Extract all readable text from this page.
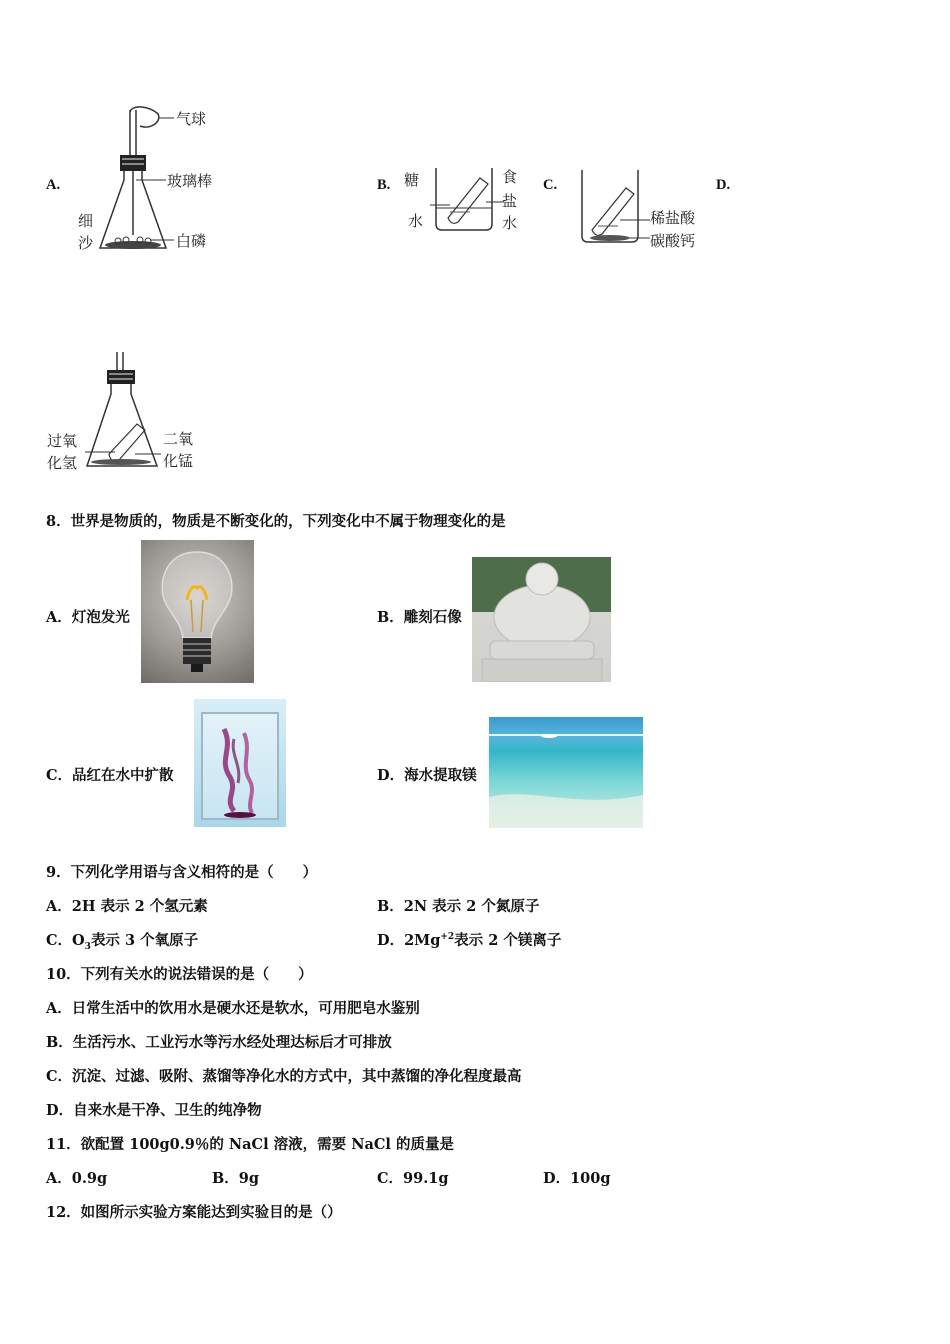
A.
气球
玻璃棒
细
沙	白磷
B. 糖
水
食
盐
水
C.
稀盐酸
碳酸钙
D.
过氧
化氢
二氧
化锰
8．世界是物质的，物质是不断变化的，下列变化中不属于物理变化的是
A．灯泡发光	B．雕刻石像
C．品红在水中扩散	D．海水提取镁
9．下列化学用语与含义相符的是（　　）
A．2H 表示 2 个氢元素	B．2N 表示 2 个氮原子
C．$O_3$表示 3 个氧原子	D．$2Mg^{+2}$表示 2 个镁离子
10．下列有关水的说法错误的是（　　）
A．日常生活中的饮用水是硬水还是软水，可用肥皂水鉴别
B．生活污水、工业污水等污水经处理达标后才可排放
C．沉淀、过滤、吸附、蒸馏等净化水的方式中，其中蒸馏的净化程度最高
D．自来水是干净、卫生的纯净物
11．欲配置 100g0.9％的 NaCl 溶液，需要 NaCl 的质量是
A．0.9g	B．9g	C．99.1g	D．100g
12．如图所示实验方案能达到实验目的是（）
